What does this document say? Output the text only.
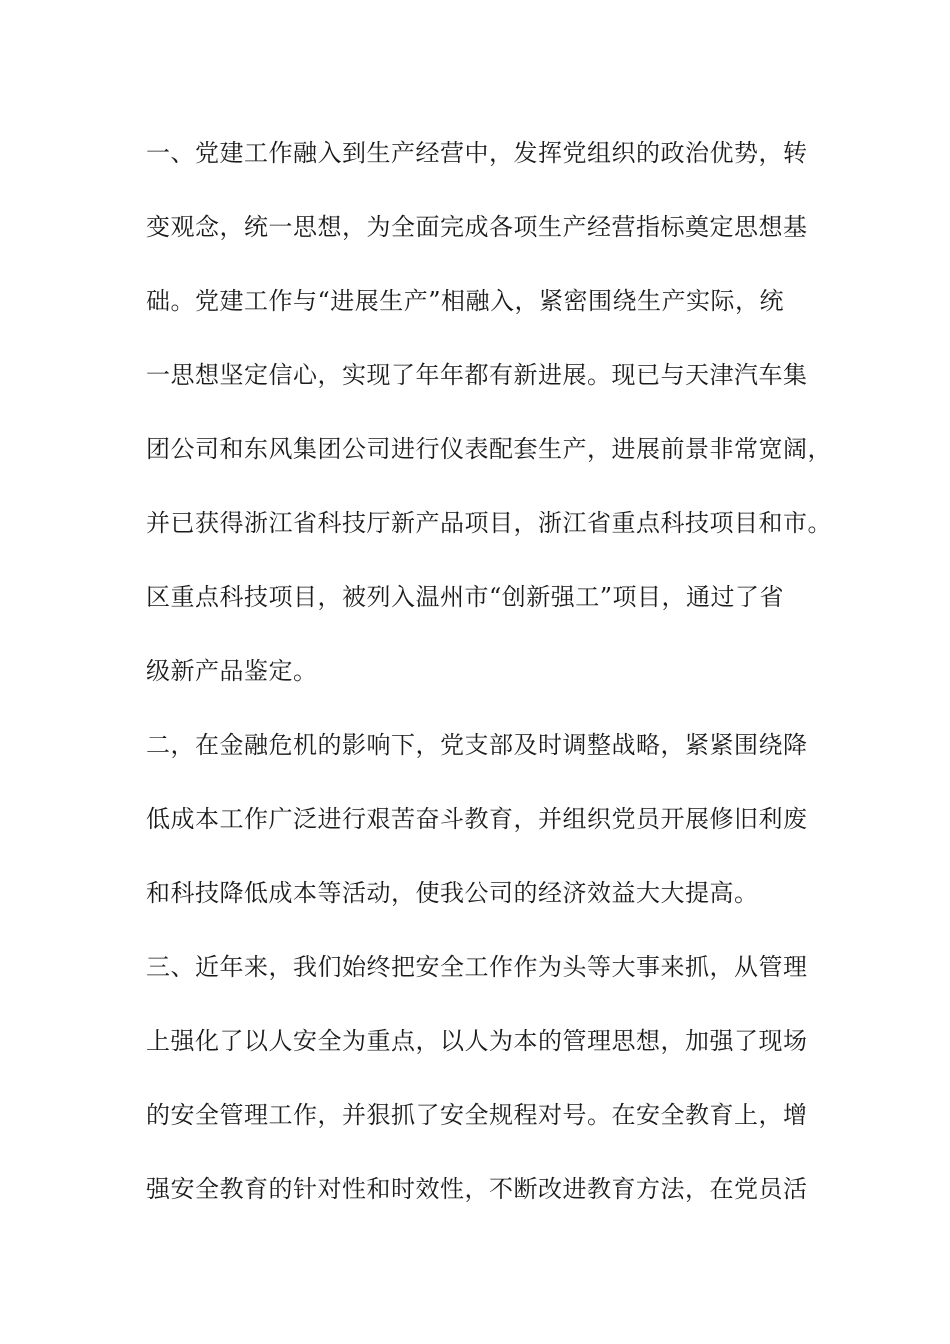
一、党建工作融入到生产经营中，发挥党组织的政治优势，转
变观念，统一思想，为全面完成各项生产经营指标奠定思想基
础。党建工作与“进展生产”相融入，紧密围绕生产实际，统
一思想坚定信心，实现了年年都有新进展。现已与天津汽车集
团公司和东风集团公司进行仪表配套生产，进展前景非常宽阔，
并已获得浙江省科技厅新产品项目，浙江省重点科技项目和市。
区重点科技项目，被列入温州市“创新强工”项目，通过了省
级新产品鉴定。
二，在金融危机的影响下，党支部及时调整战略，紧紧围绕降
低成本工作广泛进行艰苦奋斗教育，并组织党员开展修旧利废
和科技降低成本等活动，使我公司的经济效益大大提高。
三、近年来，我们始终把安全工作作为头等大事来抓，从管理
上强化了以人安全为重点，以人为本的管理思想，加强了现场
的安全管理工作，并狠抓了安全规程对号。在安全教育上，增
强安全教育的针对性和时效性，不断改进教育方法，在党员活
